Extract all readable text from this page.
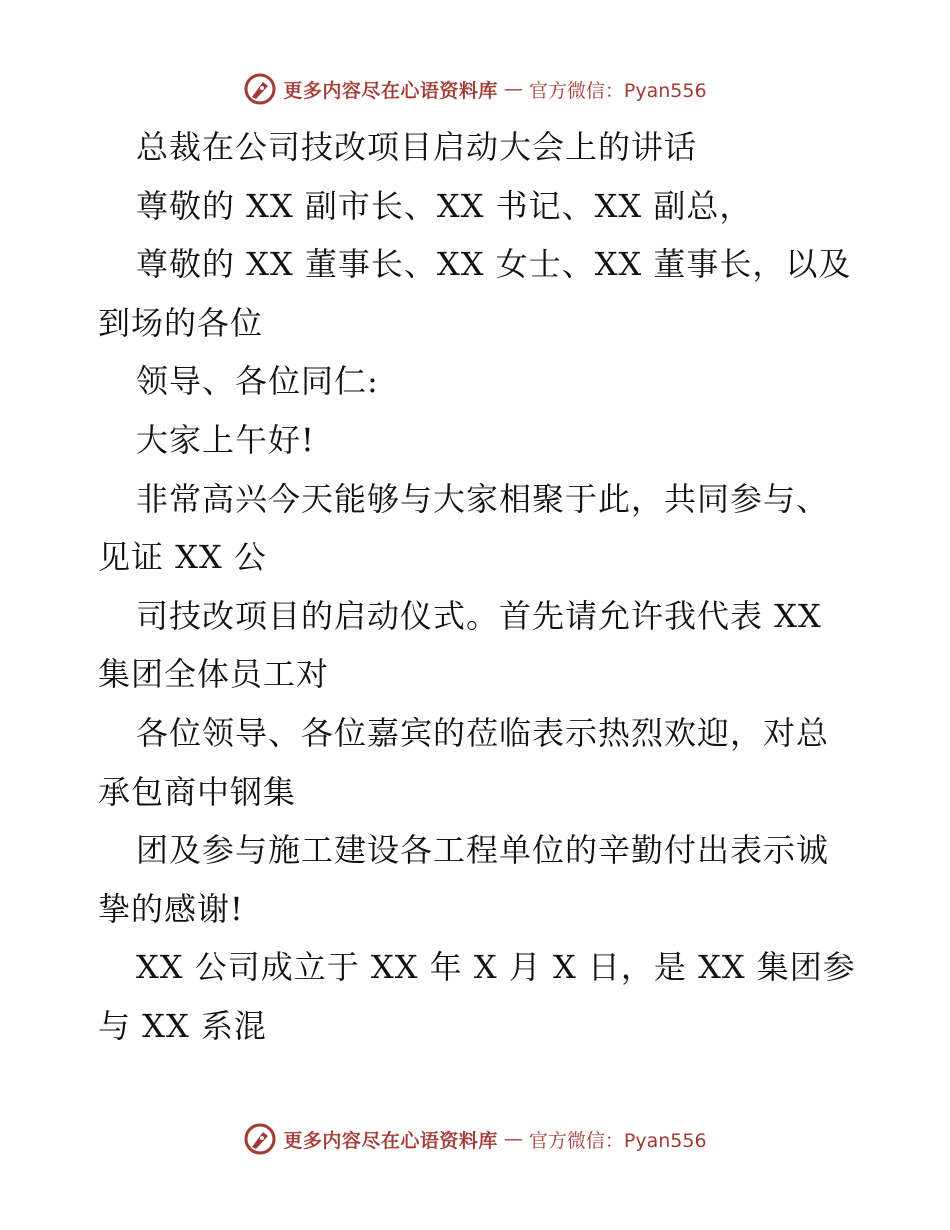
更多内容尽在心语资料库 — 官方微信：Pyan556
总裁在公司技改项目启动大会上的讲话
尊敬的 XX 副市长、XX 书记、XX 副总，
尊敬的 XX 董事长、XX 女士、XX 董事长，以及
到场的各位
领导、各位同仁:
大家上午好!
非常高兴今天能够与大家相聚于此，共同参与、
见证 XX 公
司技改项目的启动仪式。首先请允许我代表 XX
集团全体员工对
各位领导、各位嘉宾的莅临表示热烈欢迎，对总
承包商中钢集
团及参与施工建设各工程单位的辛勤付出表示诚
挚的感谢!
XX 公司成立于 XX 年 X 月 X 日，是 XX 集团参
与 XX 系混
更多内容尽在心语资料库 — 官方微信：Pyan556
